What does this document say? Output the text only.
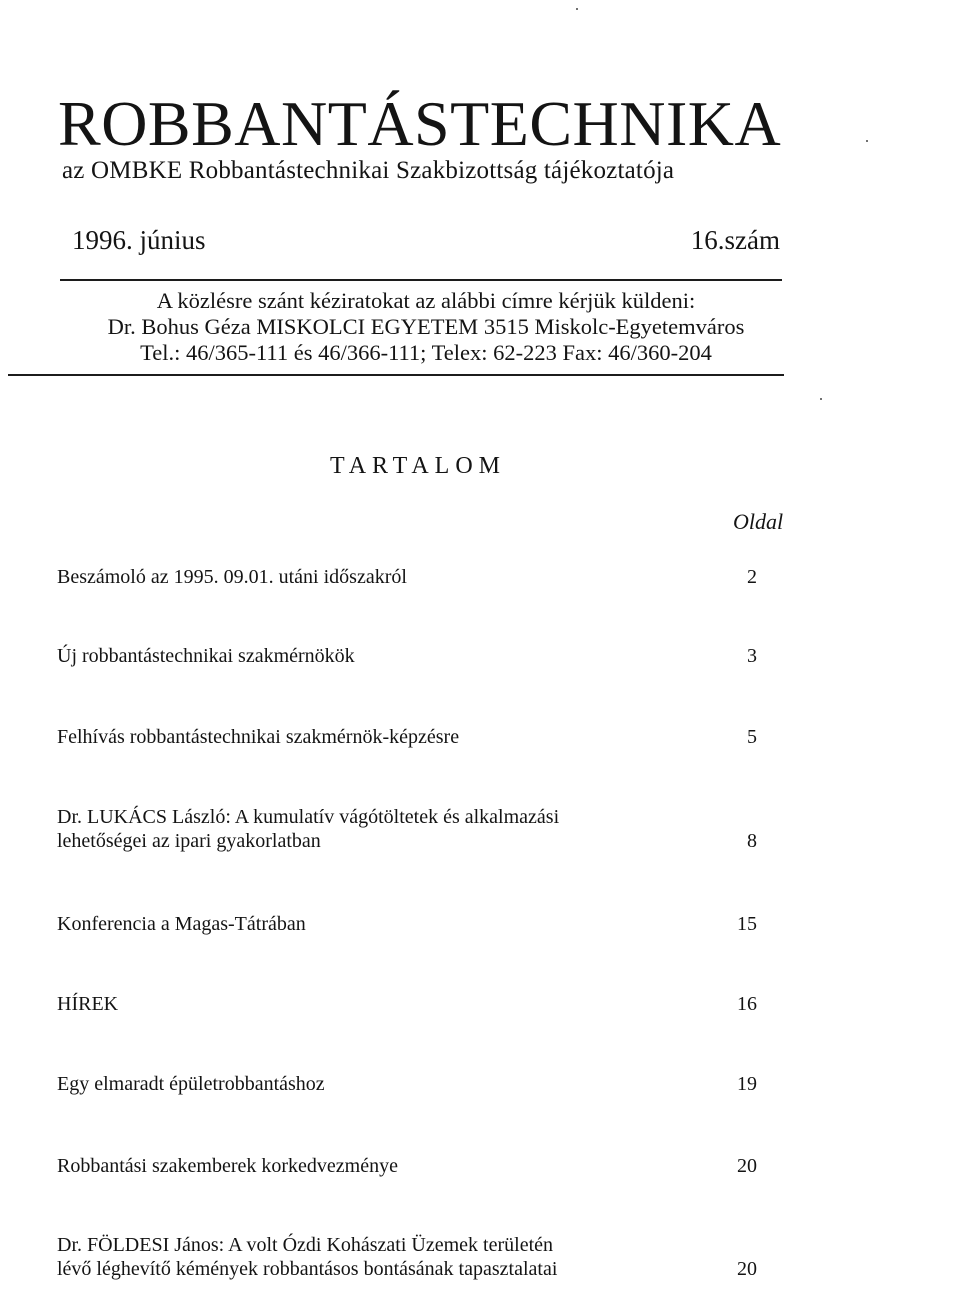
ROBBANTÁSTECHNIKA
az OMBKE Robbantástechnikai Szakbizottság tájékoztatója
1996. június	16.szám
A közlésre szánt kéziratokat az alábbi címre kérjük küldeni:
Dr. Bohus Géza MISKOLCI EGYETEM 3515 Miskolc-Egyetemváros
Tel.: 46/365-111 és 46/366-111; Telex: 62-223 Fax: 46/360-204
TARTALOM
Oldal
Beszámoló az 1995. 09.01. utáni időszakról	2
Új robbantástechnikai szakmérnökök	3
Felhívás robbantástechnikai szakmérnök-képzésre	5
Dr. LUKÁCS László: A kumulatív vágótöltetek és alkalmazási
lehetőségei az ipari gyakorlatban	8
Konferencia a Magas-Tátrában	15
HÍREK	16
Egy elmaradt épületrobbantáshoz	19
Robbantási szakemberek korkedvezménye	20
Dr. FÖLDESI János: A volt Ózdi Kohászati Üzemek területén
lévő léghevítő kémények robbantásos bontásának tapasztalatai	20
